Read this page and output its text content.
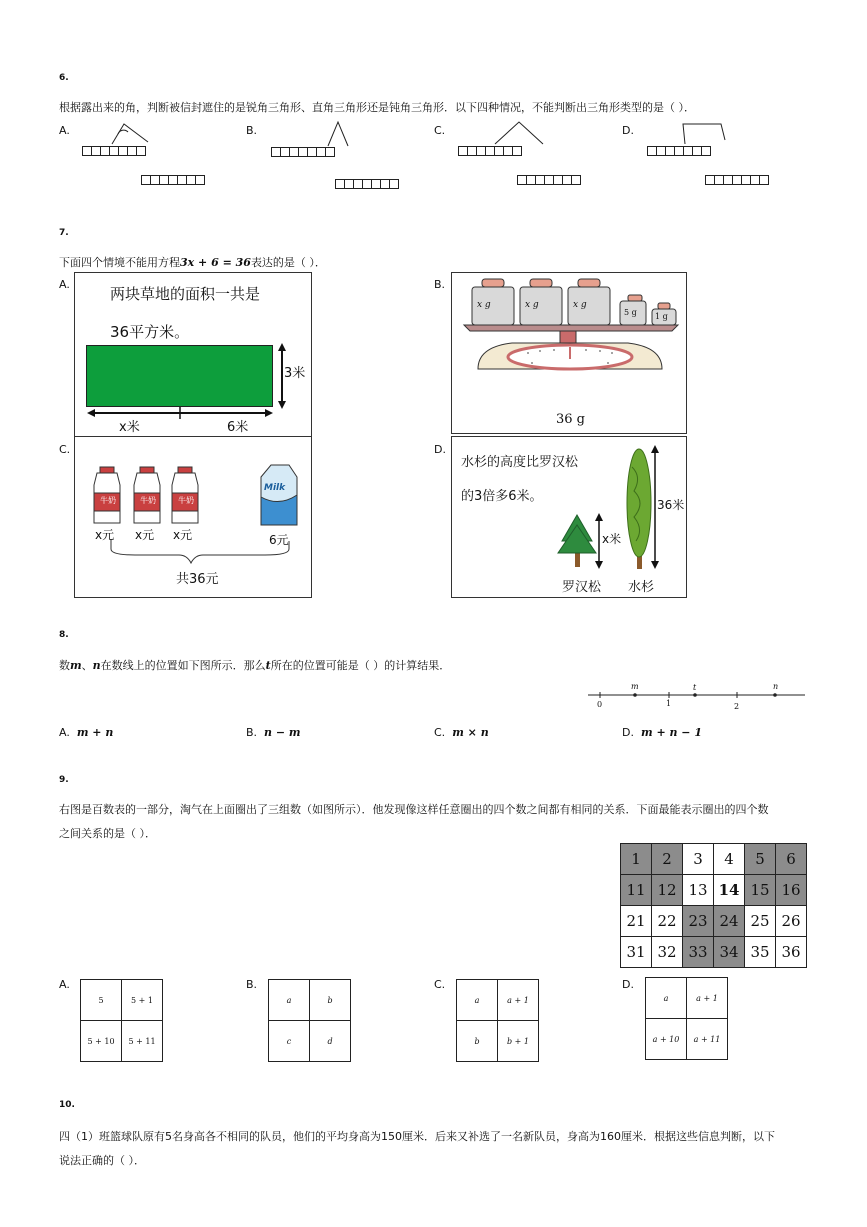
6.
根据露出来的角，判断被信封遮住的是锐角三角形、直角三角形还是钝角三角形．以下四种情况，不能判断出三角形类型的是（ ）．
A.	B.	C.	D.
7.
下面四个情境不能用方程3x + 6 = 36表达的是（ ）．
A.	B.
C.	D.
两块草地的面积一共是
36平方米。
3米
x米	6米
x g	x g	x g
5 g 1 g
36 g
牛奶	牛奶	牛奶
Milk
x元 x元 x元	6元
共36元
水杉的高度比罗汉松
的3倍多6米。
x米
36米
罗汉松 水杉
8.
数m、n在数线上的位置如下图所示．那么t所在的位置可能是（ ）的计算结果．
0	1	2
m	t	n
A. m + n	B. n − m	C. m × n	D. m + n − 1
9.
右图是百数表的一部分，淘气在上面圈出了三组数（如图所示）．他发现像这样任意圈出的四个数之间都有相同的关系．下面最能表示圈出的四个数
之间关系的是（ ）．
1	2	3	4	5	6
11	12	13	14	15	16
21	22	23	24	25	26
31	32	33	34	35	36
A.
5	5 + 1
5 + 10	5 + 11
B.
a	b
c	d
C.
a	a + 1
b	b + 1
D.
a	a + 1
a + 10	a + 11
10.
四（1）班篮球队原有5名身高各不相同的队员，他们的平均身高为150厘米．后来又补选了一名新队员，身高为160厘米．根据这些信息判断，以下
说法正确的（ ）．
